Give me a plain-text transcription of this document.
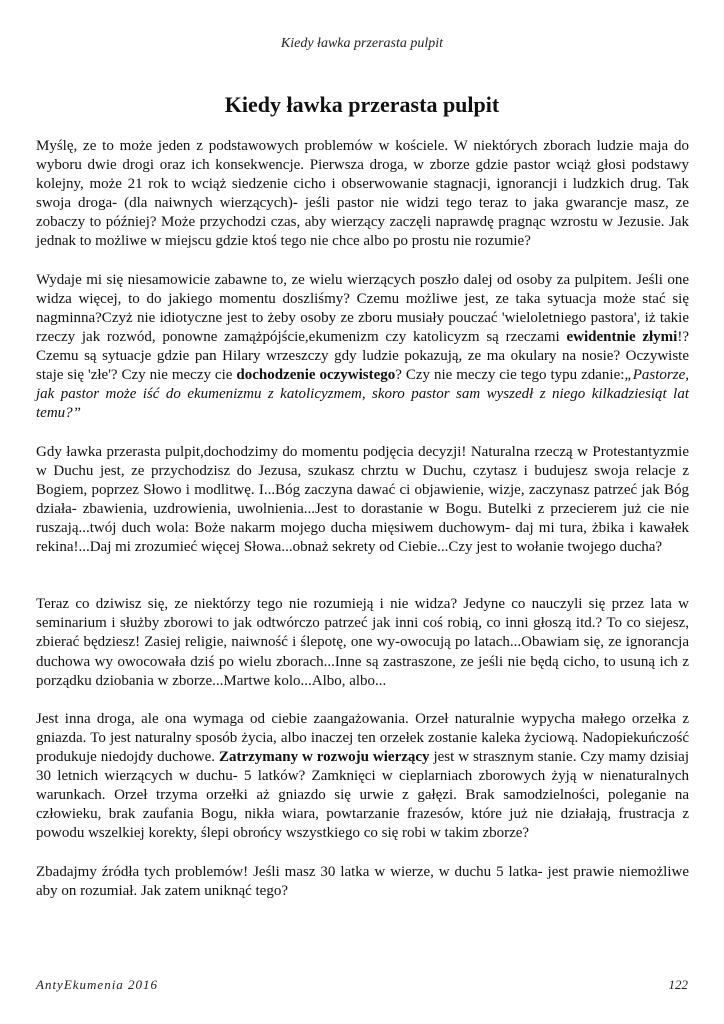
Kiedy ławka przerasta pulpit
Kiedy ławka przerasta pulpit

Myślę, ze to może jeden z podstawowych problemów w kościele. W niektórych zborach ludzie maja do wyboru dwie drogi oraz ich konsekwencje. Pierwsza droga, w zborze gdzie pastor wciąż głosi podstawy kolejny, może 21 rok to wciąż siedzenie cicho i obserwowanie stagnacji, ignorancji i ludzkich drug. Tak swoja droga- (dla naiwnych wierzących)- jeśli pastor nie widzi tego teraz to jaka gwarancje masz, ze zobaczy to później? Może przychodzi czas, aby wierzący zaczęli naprawdę pragnąc wzrostu w Jezusie. Jak jednak to możliwe w miejscu gdzie ktoś tego nie chce albo po prostu nie rozumie?

Wydaje mi się niesamowicie zabawne to, ze wielu wierzących poszło dalej od osoby za pulpitem. Jeśli one widza więcej, to do jakiego momentu doszliśmy? Czemu możliwe jest, ze taka sytuacja może stać się nagminna?Czyż nie idiotyczne jest to żeby osoby ze zboru musiały pouczać 'wieloletniego pastora', iż takie rzeczy jak rozwód, ponowne zamążpójście,ekumenizm czy katolicyzm są rzeczami ewidentnie złymi!? Czemu są sytuacje gdzie pan Hilary wrzeszczy gdy ludzie pokazują, ze ma okulary na nosie? Oczywiste staje się 'złe'? Czy nie meczy cie dochodzenie oczywistego? Czy nie meczy cie tego typu zdanie:„Pastorze, jak pastor może iść do ekumenizmu z katolicyzmem, skoro pastor sam wyszedł z niego kilkadziesiąt lat temu?”

Gdy ławka przerasta pulpit,dochodzimy do momentu podjęcia decyzji! Naturalna rzeczą w Protestantyzmie w Duchu jest, ze przychodzisz do Jezusa, szukasz chrztu w Duchu, czytasz i budujesz swoja relacje z Bogiem, poprzez Słowo i modlitwę. I...Bóg zaczyna dawać ci objawienie, wizje, zaczynasz patrzeć jak Bóg działa- zbawienia, uzdrowienia, uwolnienia...Jest to dorastanie w Bogu. Butelki z przecierem już cie nie ruszają...twój duch wola: Boże nakarm mojego ducha mięsiwem duchowym- daj mi tura, żbika i kawałek rekina!...Daj mi zrozumieć więcej Słowa...obnaż sekrety od Ciebie...Czy jest to wołanie twojego ducha?

Teraz co dziwisz się, ze niektórzy tego nie rozumieją i nie widza? Jedyne co nauczyli się przez lata w seminarium i służby zborowi to jak odtwórczo patrzeć jak inni coś robią, co inni głoszą itd.? To co siejesz, zbierać będziesz! Zasiej religie, naiwność i ślepotę, one wy-owocują po latach...Obawiam się, ze ignorancja duchowa wy owocowała dziś po wielu zborach...Inne są zastraszone, ze jeśli nie będą cicho, to usuną ich z porządku dziobania w zborze...Martwe kolo...Albo, albo...

Jest inna droga, ale ona wymaga od ciebie zaangażowania. Orzeł naturalnie wypycha małego orzełka z gniazda. To jest naturalny sposób życia, albo inaczej ten orzełek zostanie kaleka życiową. Nadopiekuńczość produkuje niedojdy duchowe. Zatrzymany w rozwoju wierzący jest w strasznym stanie. Czy mamy dzisiaj 30 letnich wierzących w duchu- 5 latków? Zamknięci w cieplarniach zborowych żyją w nienaturalnych warunkach. Orzeł trzyma orzełki aż gniazdo się urwie z gałęzi. Brak samodzielności, poleganie na człowieku, brak zaufania Bogu, nikła wiara, powtarzanie frazesów, które już nie działają, frustracja z powodu wszelkiej korekty, ślepi obrońcy wszystkiego co się robi w takim zborze?

Zbadajmy źródła tych problemów! Jeśli masz 30 latka w wierze, w duchu 5 latka- jest prawie niemożliwe aby on rozumiał. Jak zatem uniknąć tego?

AntyEkumenia 2016	122
